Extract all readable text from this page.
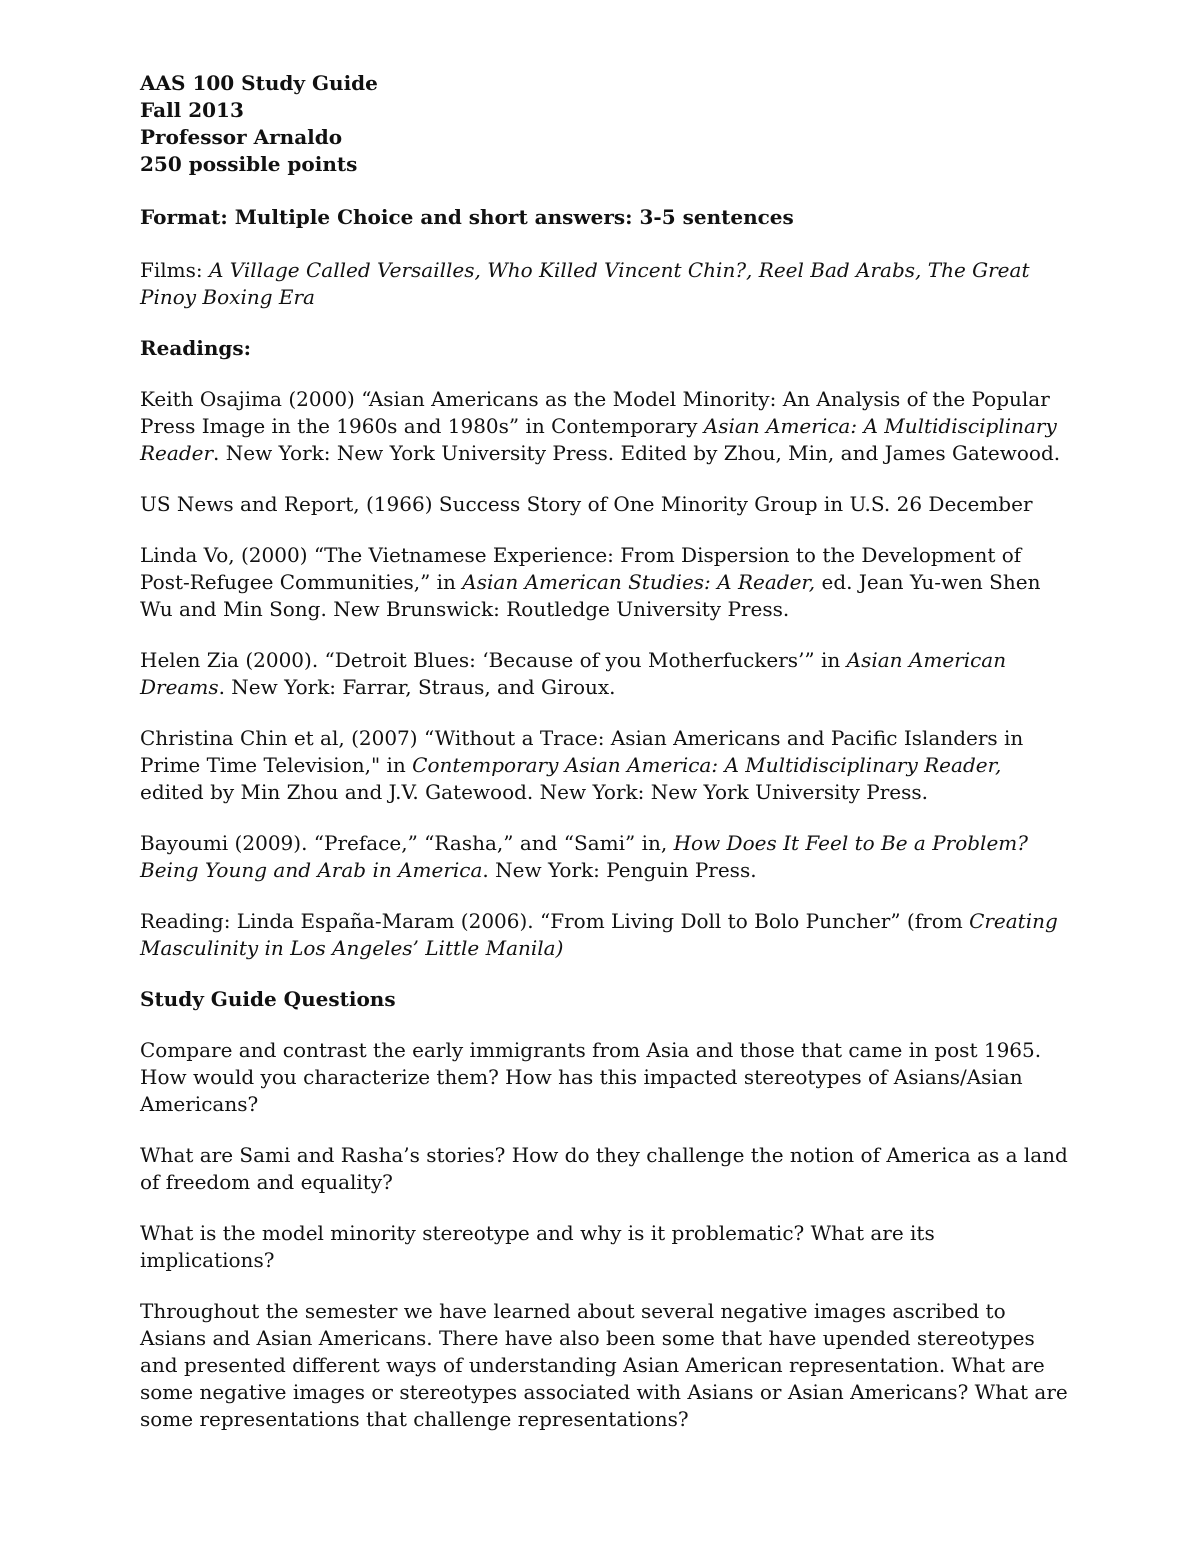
AAS 100 Study Guide

Fall 2013

Professor Arnaldo

250 possible points

Format: Multiple Choice and short answers: 3-5 sentences

Films: A Village Called Versailles, Who Killed Vincent Chin?, Reel Bad Arabs, The Great Pinoy Boxing Era

Readings:

Keith Osajima (2000) “Asian Americans as the Model Minority: An Analysis of the Popular Press Image in the 1960s and 1980s” in Contemporary Asian America: A Multidisciplinary Reader. New York: New York University Press. Edited by Zhou, Min, and James Gatewood.

US News and Report, (1966) Success Story of One Minority Group in U.S. 26 December

Linda Vo, (2000) “The Vietnamese Experience: From Dispersion to the Development of Post-Refugee Communities,” in Asian American Studies: A Reader, ed. Jean Yu-wen Shen Wu and Min Song. New Brunswick: Routledge University Press.

Helen Zia (2000). “Detroit Blues: ‘Because of you Motherfuckers’” in Asian American Dreams. New York: Farrar, Straus, and Giroux.

Christina Chin et al, (2007) “Without a Trace: Asian Americans and Pacific Islanders in Prime Time Television," in Contemporary Asian America: A Multidisciplinary Reader, edited by Min Zhou and J.V. Gatewood. New York: New York University Press.

Bayoumi (2009). “Preface,” “Rasha,” and “Sami” in, How Does It Feel to Be a Problem? Being Young and Arab in America. New York: Penguin Press.

Reading: Linda España-Maram (2006). “From Living Doll to Bolo Puncher” (from Creating Masculinity in Los Angeles’ Little Manila)

Study Guide Questions

Compare and contrast the early immigrants from Asia and those that came in post 1965. How would you characterize them? How has this impacted stereotypes of Asians/Asian Americans?

What are Sami and Rasha’s stories? How do they challenge the notion of America as a land of freedom and equality?

What is the model minority stereotype and why is it problematic? What are its implications?

Throughout the semester we have learned about several negative images ascribed to Asians and Asian Americans. There have also been some that have upended stereotypes and presented different ways of understanding Asian American representation. What are some negative images or stereotypes associated with Asians or Asian Americans? What are some representations that challenge representations?
